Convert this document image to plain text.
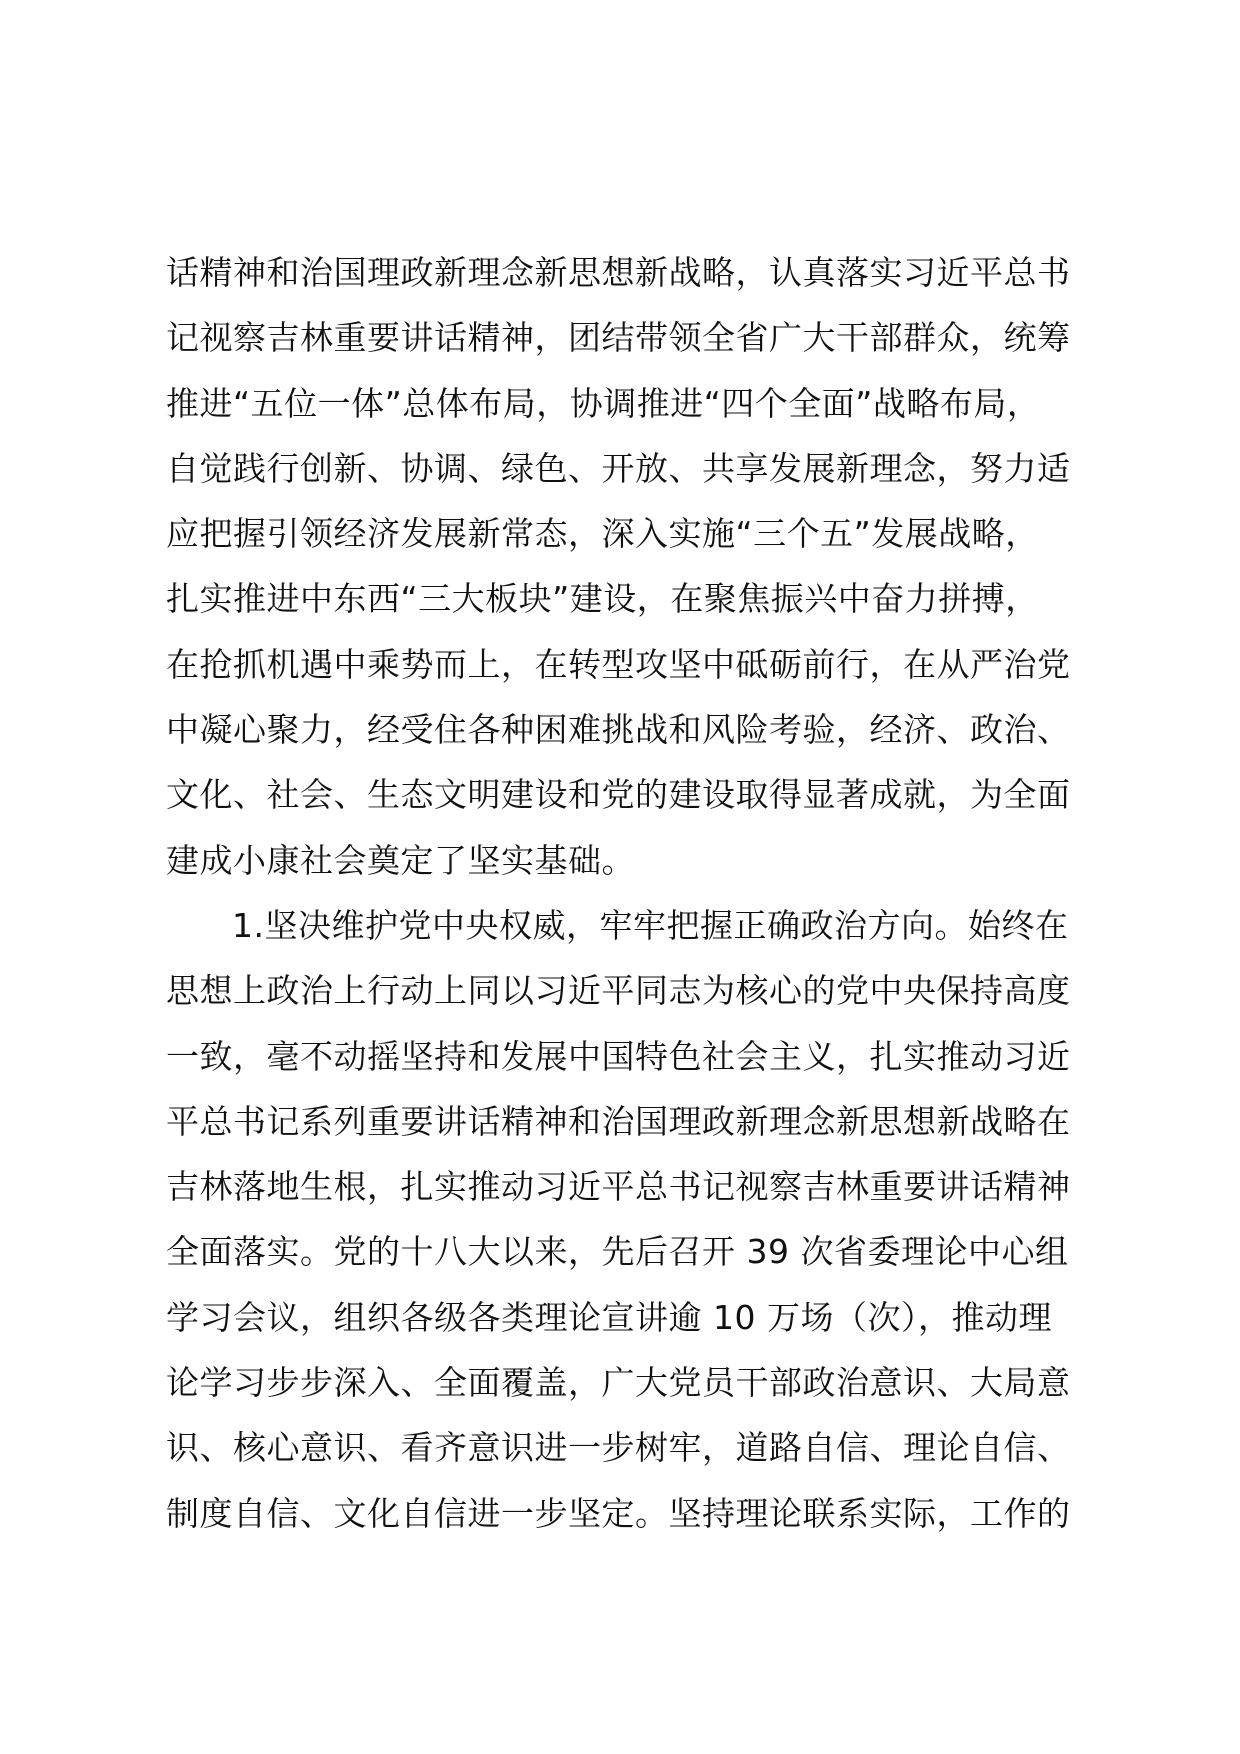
话精神和治国理政新理念新思想新战略，认真落实习近平总书
记视察吉林重要讲话精神，团结带领全省广大干部群众，统筹
推进“五位一体”总体布局，协调推进“四个全面”战略布局，
自觉践行创新、协调、绿色、开放、共享发展新理念，努力适
应把握引领经济发展新常态，深入实施“三个五”发展战略，
扎实推进中东西“三大板块”建设，在聚焦振兴中奋力拼搏，
在抢抓机遇中乘势而上，在转型攻坚中砥砺前行，在从严治党
中凝心聚力，经受住各种困难挑战和风险考验，经济、政治、
文化、社会、生态文明建设和党的建设取得显著成就，为全面
建成小康社会奠定了坚实基础。
1.坚决维护党中央权威，牢牢把握正确政治方向。始终在
思想上政治上行动上同以习近平同志为核心的党中央保持高度
一致，毫不动摇坚持和发展中国特色社会主义，扎实推动习近
平总书记系列重要讲话精神和治国理政新理念新思想新战略在
吉林落地生根，扎实推动习近平总书记视察吉林重要讲话精神
全面落实。党的十八大以来，先后召开 39 次省委理论中心组
学习会议，组织各级各类理论宣讲逾 10 万场（次），推动理
论学习步步深入、全面覆盖，广大党员干部政治意识、大局意
识、核心意识、看齐意识进一步树牢，道路自信、理论自信、
制度自信、文化自信进一步坚定。坚持理论联系实际，工作的
